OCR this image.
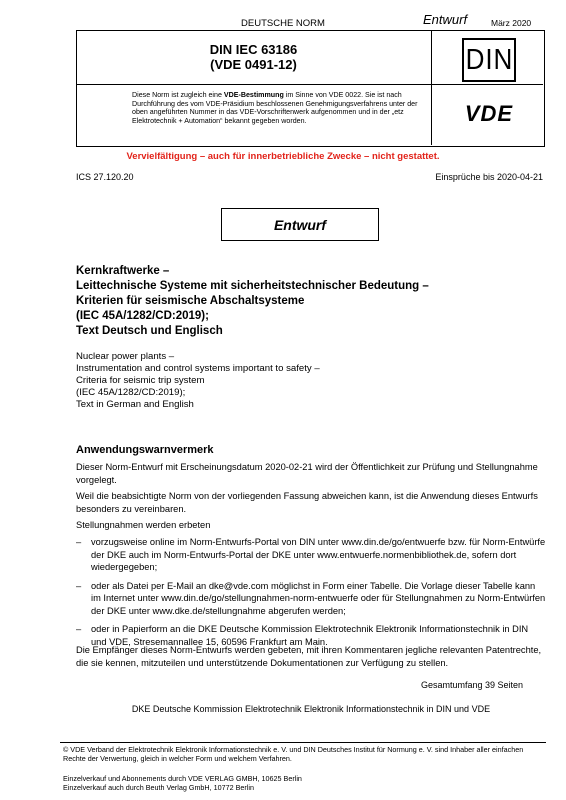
DEUTSCHE NORM	Entwurf	März 2020
DIN IEC 63186
(VDE 0491-12)
Diese Norm ist zugleich eine VDE-Bestimmung im Sinne von VDE 0022. Sie ist nach Durchführung des vom VDE-Präsidium beschlossenen Genehmigungsverfahrens unter der oben angeführten Nummer in das VDE-Vorschriftenwerk aufgenommen und in der „etz Elektrotechnik + Automation“ bekannt gegeben worden.
DIN
VDE
Vervielfältigung – auch für innerbetriebliche Zwecke – nicht gestattet.
ICS 27.120.20	Einsprüche bis 2020-04-21
Entwurf
Kernkraftwerke –
Leittechnische Systeme mit sicherheitstechnischer Bedeutung –
Kriterien für seismische Abschaltsysteme
(IEC 45A/1282/CD:2019);
Text Deutsch und Englisch
Nuclear power plants –
Instrumentation and control systems important to safety –
Criteria for seismic trip system
(IEC 45A/1282/CD:2019);
Text in German and English
Anwendungswarnvermerk
Dieser Norm-Entwurf mit Erscheinungsdatum 2020-02-21 wird der Öffentlichkeit zur Prüfung und Stellungnahme vorgelegt.
Weil die beabsichtigte Norm von der vorliegenden Fassung abweichen kann, ist die Anwendung dieses Entwurfs besonders zu vereinbaren.
Stellungnahmen werden erbeten
– vorzugsweise online im Norm-Entwurfs-Portal von DIN unter www.din.de/go/entwuerfe bzw. für Norm-Entwürfe der DKE auch im Norm-Entwurfs-Portal der DKE unter www.entwuerfe.normenbibliothek.de, sofern dort wiedergegeben;
– oder als Datei per E-Mail an dke@vde.com möglichst in Form einer Tabelle. Die Vorlage dieser Tabelle kann im Internet unter www.din.de/go/stellungnahmen-norm-entwuerfe oder für Stellungnahmen zu Norm-Entwürfen der DKE unter www.dke.de/stellungnahme abgerufen werden;
– oder in Papierform an die DKE Deutsche Kommission Elektrotechnik Elektronik Informationstechnik in DIN und VDE, Stresemannallee 15, 60596 Frankfurt am Main.
Die Empfänger dieses Norm-Entwurfs werden gebeten, mit ihren Kommentaren jegliche relevanten Patentrechte, die sie kennen, mitzuteilen und unterstützende Dokumentationen zur Verfügung zu stellen.
Gesamtumfang 39 Seiten
DKE Deutsche Kommission Elektrotechnik Elektronik Informationstechnik in DIN und VDE
© VDE Verband der Elektrotechnik Elektronik Informationstechnik e. V. und DIN Deutsches Institut für Normung e. V. sind Inhaber aller einfachen Rechte der Verwertung, gleich in welcher Form und welchem Verfahren.
Einzelverkauf und Abonnements durch VDE VERLAG GMBH, 10625 Berlin
Einzelverkauf auch durch Beuth Verlag GmbH, 10772 Berlin
